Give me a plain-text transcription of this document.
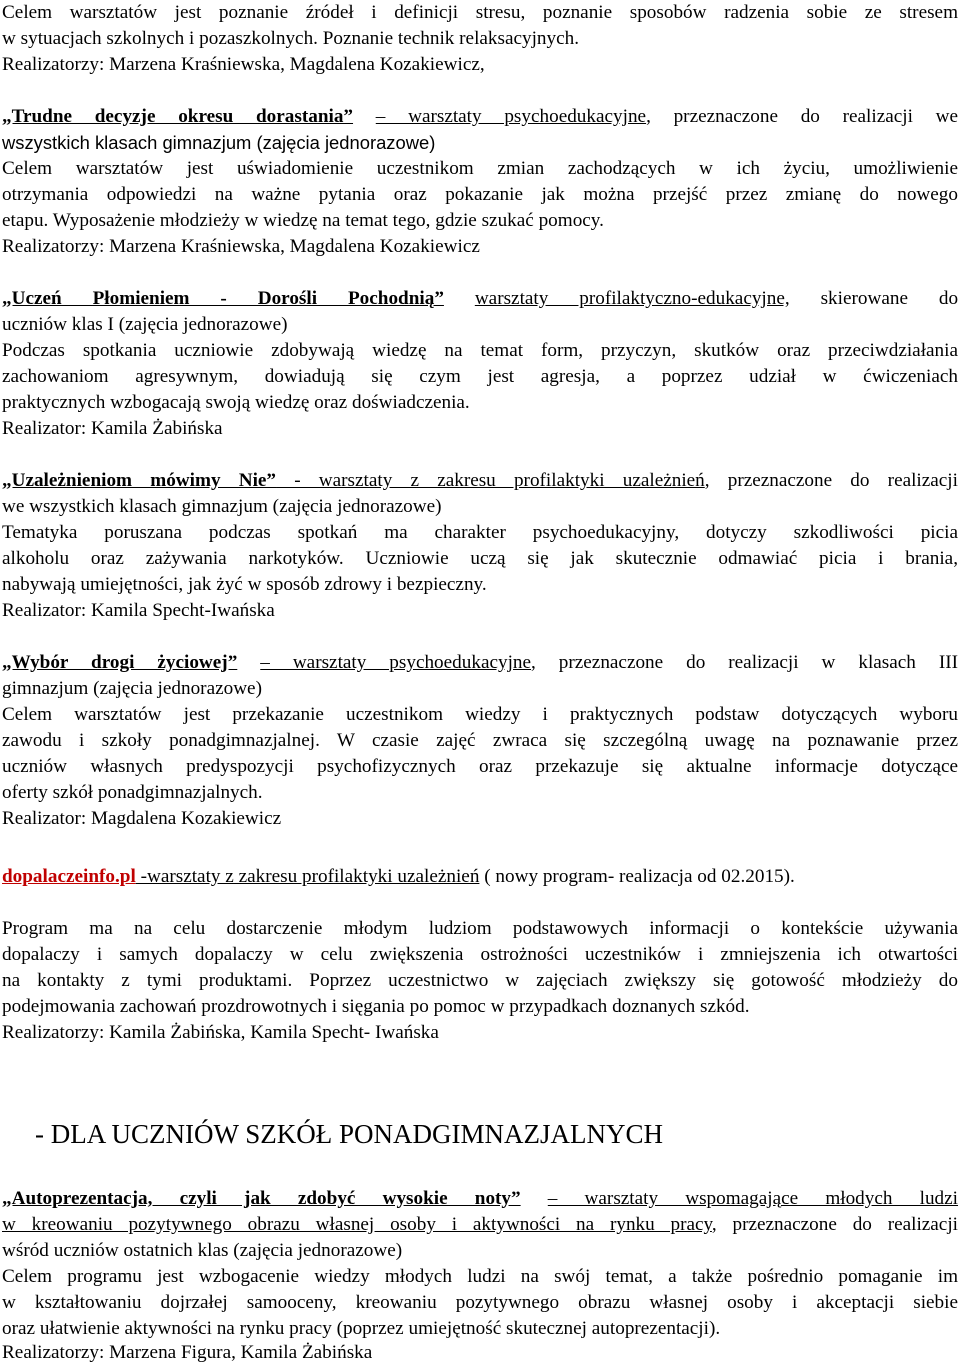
- DLA UCZNIÓW SZKÓŁ PONADGIMNAZJALNYCH
Celem warsztatów jest poznanie źródeł i definicji stresu, poznanie sposobów radzenia sobie ze stresem
w sytuacjach szkolnych i pozaszkolnych. Poznanie technik relaksacyjnych.
Realizatorzy: Marzena Kraśniewska, Magdalena Kozakiewicz,
„Trudne decyzje okresu dorastania” – warsztaty psychoedukacyjne, przeznaczone do realizacji we
wszystkich klasach gimnazjum (zajęcia jednorazowe)
Celem warsztatów jest uświadomienie uczestnikom zmian zachodzących w ich życiu, umożliwienie
otrzymania odpowiedzi na ważne pytania oraz pokazanie jak można przejść przez zmianę do nowego
etapu. Wyposażenie młodzieży w wiedzę na temat tego, gdzie szukać pomocy.
Realizatorzy: Marzena Kraśniewska, Magdalena Kozakiewicz
„Uczeń Płomieniem - Dorośli Pochodnią” warsztaty profilaktyczno-edukacyjne, skierowane do
uczniów klas I (zajęcia jednorazowe)
Podczas spotkania uczniowie zdobywają wiedzę na temat form, przyczyn, skutków oraz przeciwdziałania
zachowaniom agresywnym, dowiadują się czym jest agresja, a poprzez udział w ćwiczeniach
praktycznych wzbogacają swoją wiedzę oraz doświadczenia.
Realizator: Kamila Żabińska
„Uzależnieniom mówimy Nie” - warsztaty z zakresu profilaktyki uzależnień, przeznaczone do realizacji
we wszystkich klasach gimnazjum (zajęcia jednorazowe)
Tematyka poruszana podczas spotkań ma charakter psychoedukacyjny, dotyczy szkodliwości picia
alkoholu oraz zażywania narkotyków. Uczniowie uczą się jak skutecznie odmawiać picia i brania,
nabywają umiejętności, jak żyć w sposób zdrowy i bezpieczny.
Realizator: Kamila Specht-Iwańska
„Wybór drogi życiowej” – warsztaty psychoedukacyjne, przeznaczone do realizacji w klasach III
gimnazjum (zajęcia jednorazowe)
Celem warsztatów jest przekazanie uczestnikom wiedzy i praktycznych podstaw dotyczących wyboru
zawodu i szkoły ponadgimnazjalnej. W czasie zajęć zwraca się szczególną uwagę na poznawanie przez
uczniów własnych predyspozycji psychofizycznych oraz przekazuje się aktualne informacje dotyczące
oferty szkół ponadgimnazjalnych.
Realizator: Magdalena Kozakiewicz
dopalaczeinfo.pl -warsztaty z zakresu profilaktyki uzależnień ( nowy program- realizacja od 02.2015).
Program ma na celu dostarczenie młodym ludziom podstawowych informacji o kontekście używania
dopalaczy i samych dopalaczy w celu zwiększenia ostrożności uczestników i zmniejszenia ich otwartości
na kontakty z tymi produktami. Poprzez uczestnictwo w zajęciach zwiększy się gotowość młodzieży do
podejmowania zachowań prozdrowotnych i sięgania po pomoc w przypadkach doznanych szkód.
Realizatorzy: Kamila Żabińska, Kamila Specht- Iwańska
„Autoprezentacja, czyli jak zdobyć wysokie noty” – warsztaty wspomagające młodych ludzi
w kreowaniu pozytywnego obrazu własnej osoby i aktywności na rynku pracy, przeznaczone do realizacji
wśród uczniów ostatnich klas (zajęcia jednorazowe)
Celem programu jest wzbogacenie wiedzy młodych ludzi na swój temat, a także pośrednio pomaganie im
w kształtowaniu dojrzałej samooceny, kreowaniu pozytywnego obrazu własnej osoby i akceptacji siebie
oraz ułatwienie aktywności na rynku pracy (poprzez umiejętność skutecznej autoprezentacji).
Realizatorzy: Marzena Figura, Kamila Żabińska
